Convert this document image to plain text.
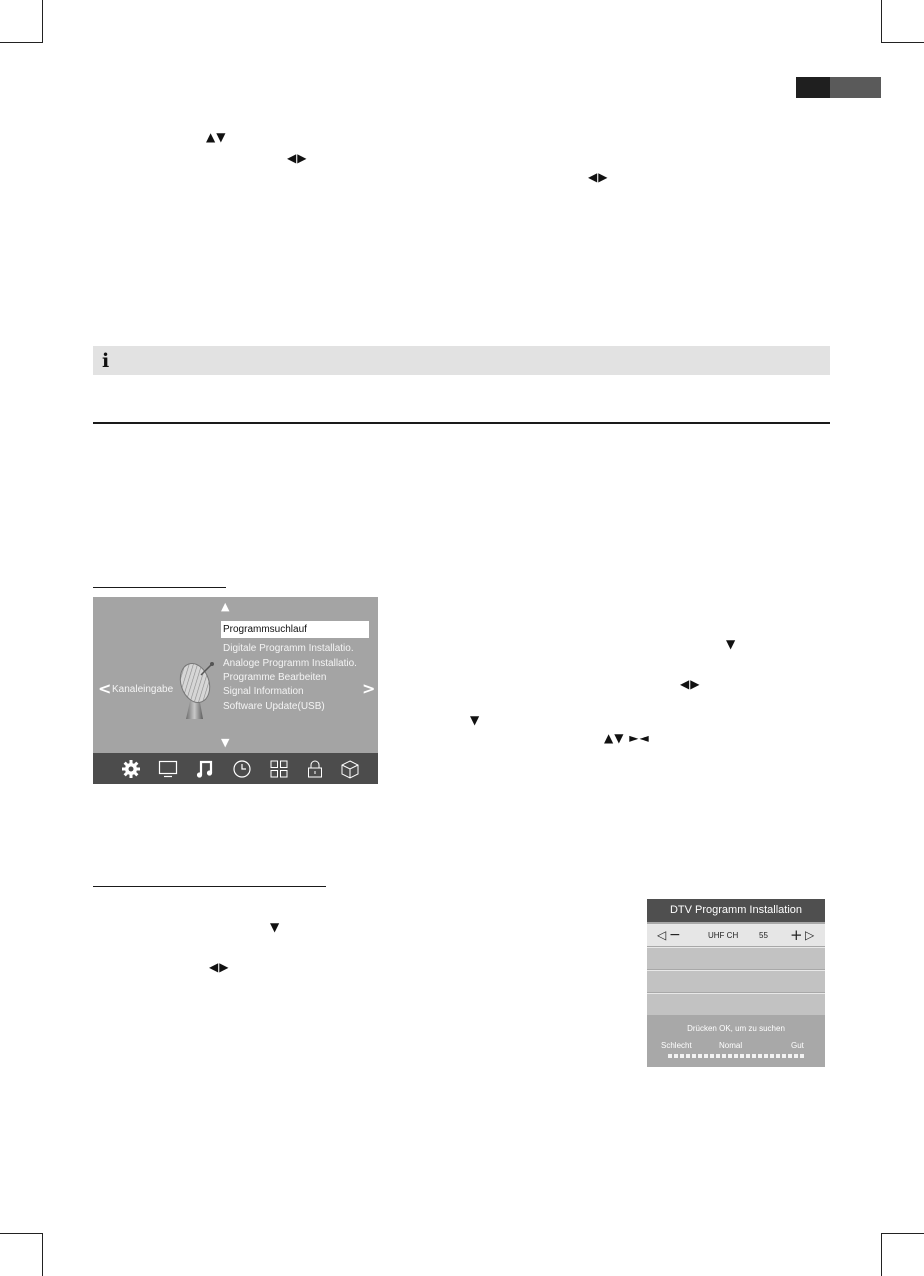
▲▼
◀▶
◀▶
i
▲
Programmsuchlauf
Digitale Programm Installatio.
Analoge Programm Installatio.
Programme Bearbeiten
Signal Information
Software Update(USB)
▼
< Kanaleingabe	>
▼
◀▶
▼
▲▼ ►◄
▼
◀▶
DTV Programm Installation
◁ −	UHF CH	55 + ▷
Drücken OK, um zu suchen
Schlecht	Nomal	Gut
